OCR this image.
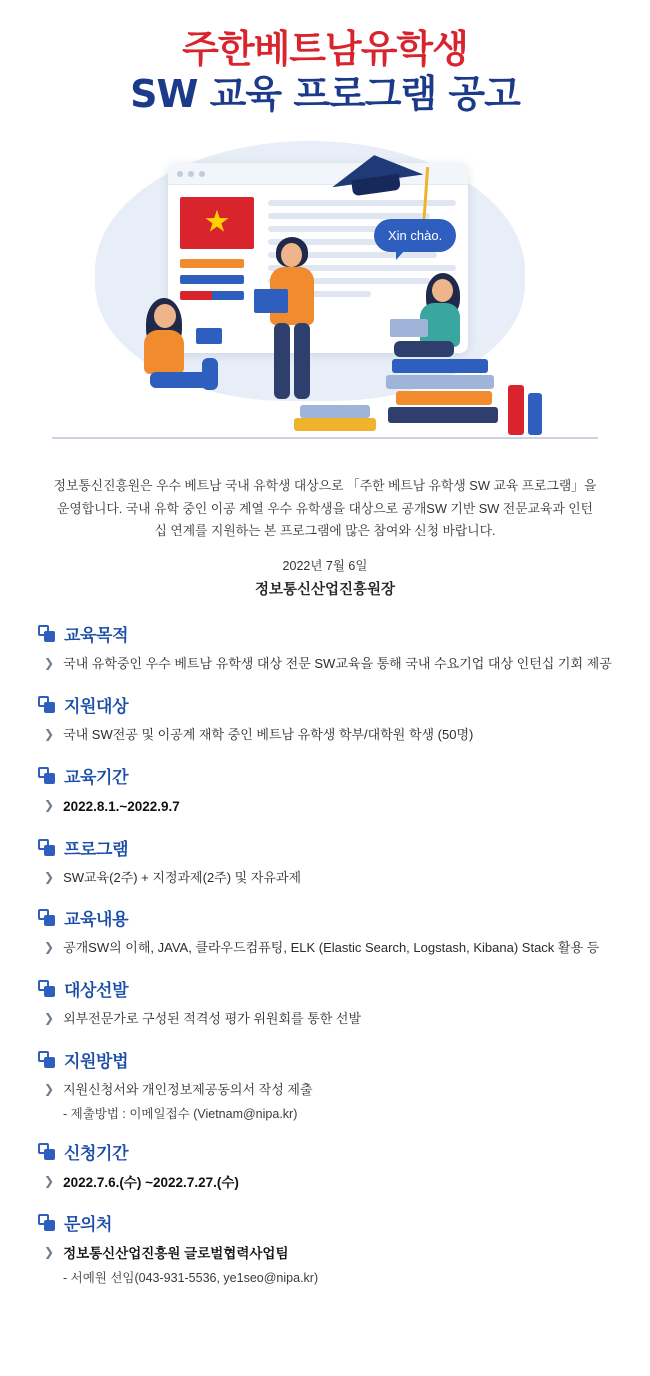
주한베트남유학생
SW 교육 프로그램 공고
★
Xin chào.

정보통신진흥원은 우수 베트남 국내 유학생 대상으로 「주한 베트남 유학생 SW 교육 프로그램」을 운영합니다. 국내 유학 중인 이공 계열 우수 유학생을 대상으로 공개SW 기반 SW 전문교육과 인턴십 연계를 지원하는 본 프로그램에 많은 참여와 신청 바랍니다.

2022년 7월 6일
정보통신산업진흥원장
교육목적
❯ 국내 유학중인 우수 베트남 유학생 대상 전문 SW교육을 통해 국내 수요기업 대상 인턴십 기회 제공
지원대상
❯ 국내 SW전공 및 이공계 재학 중인 베트남 유학생 학부/대학원 학생 (50명)
교육기간
❯ 2022.8.1.~2022.9.7
프로그램
❯ SW교육(2주) + 지정과제(2주) 및 자유과제
교육내용
❯ 공개SW의 이해, JAVA, 클라우드컴퓨팅, ELK (Elastic Search, Logstash, Kibana) Stack 활용 등
대상선발
❯ 외부전문가로 구성된 적격성 평가 위원회를 통한 선발
지원방법
❯ 지원신청서와 개인정보제공동의서 작성 제출
- 제출방법 : 이메일접수 (Vietnam@nipa.kr)
신청기간
❯ 2022.7.6.(수) ~2022.7.27.(수)
문의처
❯ 정보통신산업진흥원 글로벌협력사업팀
- 서예원 선임(043-931-5536, ye1seo@nipa.kr)
